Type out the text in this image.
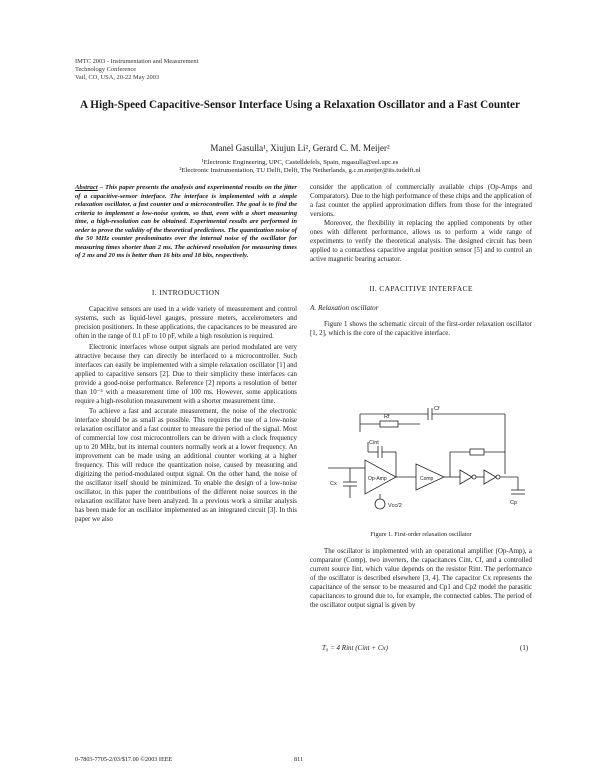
IMTC 2003 - Instrumentation and Measurement
Technology Conference
Vail, CO, USA, 20-22 May 2003
A High-Speed Capacitive-Sensor Interface Using a Relaxation Oscillator and a Fast Counter
Manel Gasulla¹, Xiujun Li², Gerard C. M. Meijer²
¹Electronic Engineering, UPC, Castelldefels, Spain, mgasulla@eel.upc.es
²Electronic Instrumentation, TU Delft, Delft, The Netherlands, g.c.m.meijer@its.tudelft.nl
Abstract – This paper presents the analysis and experimental results on the jitter of a capacitive-sensor interface. The interface is implemented with a simple relaxation oscillator, a fast counter and a microcontroller. The goal is to find the criteria to implement a low-noise system, so that, even with a short measuring time, a high-resolution can be obtained. Experimental results are performed in order to prove the validity of the theoretical predictions. The quantization noise of the 50 MHz counter predominates over the internal noise of the oscillator for measuring times shorter than 2 ms. The achieved resolution for measuring times of 2 ms and 20 ms is better than 16 bits and 18 bits, respectively.
I. INTRODUCTION

Capacitive sensors are used in a wide variety of measurement and control systems, such as liquid-level gauges, pressure meters, accelerometers and precision positioners. In these applications, the capacitances to be measured are often in the range of 0.1 pF to 10 pF, while a high resolution is required.

Electronic interfaces whose output signals are period modulated are very attractive because they can directly be interfaced to a microcontroller. Such interfaces can easily be implemented with a simple relaxation oscillator [1] and applied to capacitive sensors [2]. Due to their simplicity these interfaces can provide a good-noise performance. Reference [2] reports a resolution of better than 10⁻⁵ with a measurement time of 100 ms. However, some applications require a high-resolution measurement with a shorter measurement time.

To achieve a fast and accurate measurement, the noise of the electronic interface should be as small as possible. This requires the use of a low-noise relaxation oscillator and a fast counter to measure the period of the signal. Most of commercial low cost microcontrollers can be driven with a clock frequency up to 20 MHz, but its internal counters normally work at a lower frequency. An improvement can be made using an additional counter working at a higher frequency. This will reduce the quantization noise, caused by measuring and digitizing the period-modulated output signal. On the other hand, the noise of the oscillator itself should be minimized. To enable the design of a low-noise oscillator, in this paper the contributions of the different noise sources in the relaxation oscillator have been analyzed. In a previous work a similar analysis has been made for an oscillator implemented as an integrated circuit [3]. In this paper we also

consider the application of commercially available chips (Op-Amps and Comparators). Due to the high performance of these chips and the application of a fast counter the applied approximation differs from those for the integrated versions.

Moreover, the flexibility in replacing the applied components by other ones with different performance, allows us to perform a wide range of experiments to verify the theoretical analysis. The designed circuit has been applied to a contactless capacitive angular position sensor [5] and to control an active magnetic bearing actuator.

II. CAPACITIVE INTERFACE
A. Relaxation oscillator

Figure 1 shows the schematic circuit of the first-order relaxation oscillator [1, 2], which is the core of the capacitive interface.

Cf
Rf
Cint
Op-Amp	Comp
Cx
Cp
Vcc/2
Figure 1. First-order relaxation oscillator

The oscillator is implemented with an operational amplifier (Op-Amp), a comparator (Comp), two inverters, the capacitances Cint, Cf, and a controlled current source Iint, which value depends on the resistor Rint. The performance of the oscillator is described elsewhere [3, 4]. The capacitor Cx represents the capacitance of the sensor to be measured and Cp1 and Cp2 model the parasitic capacitances to ground due to, for example, the connected cables. The period of the oscillator output signal is given by

T₀ = 4 Rint (Cint + Cx)	(1)
0-7803-7705-2/03/$17.00 ©2003 IEEE	811
